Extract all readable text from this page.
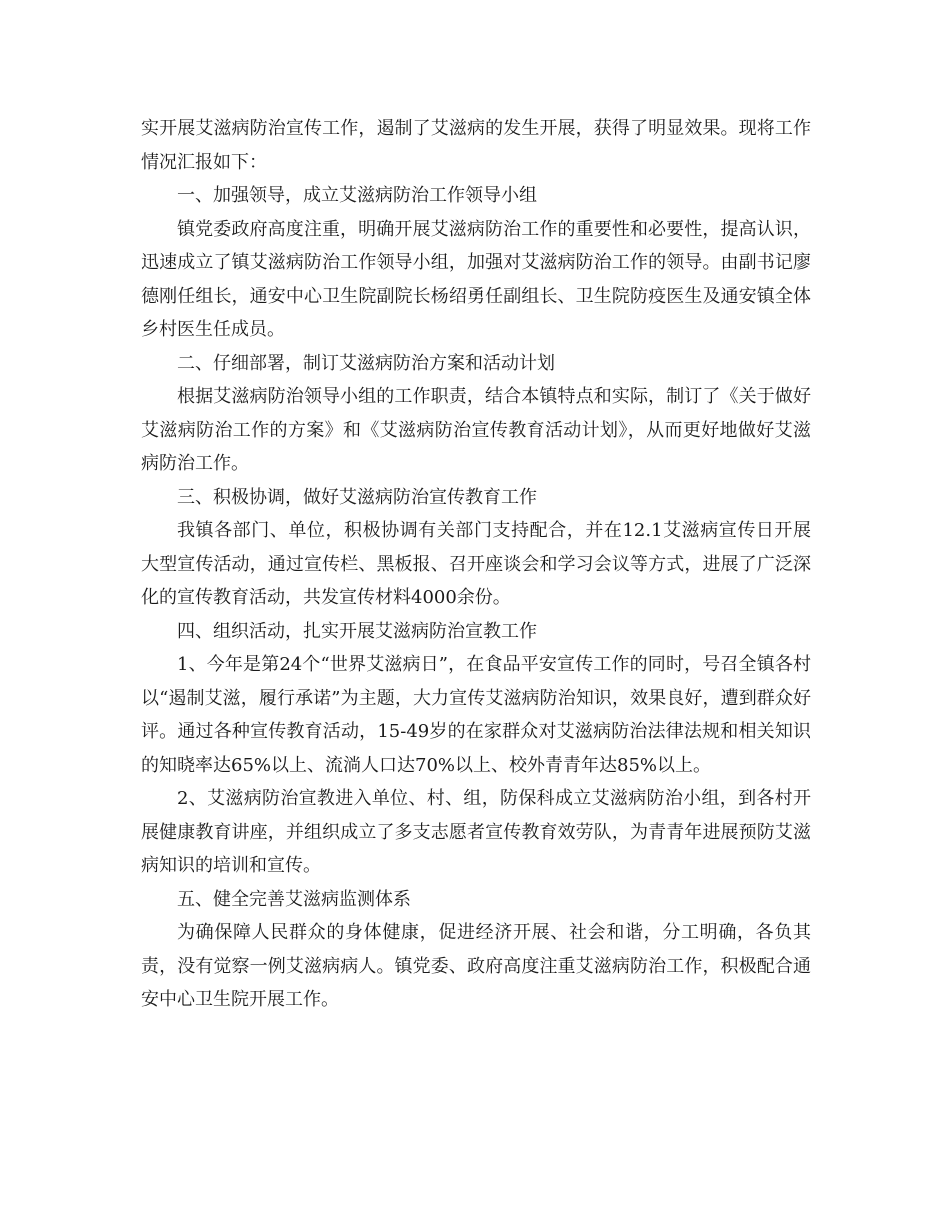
实开展艾滋病防治宣传工作，遏制了艾滋病的发生开展，获得了明显效果。现将工作情况汇报如下：

一、加强领导，成立艾滋病防治工作领导小组

镇党委政府高度注重，明确开展艾滋病防治工作的重要性和必要性，提高认识，迅速成立了镇艾滋病防治工作领导小组，加强对艾滋病防治工作的领导。由副书记廖德刚任组长，通安中心卫生院副院长杨绍勇任副组长、卫生院防疫医生及通安镇全体乡村医生任成员。

二、仔细部署，制订艾滋病防治方案和活动计划

根据艾滋病防治领导小组的工作职责，结合本镇特点和实际，制订了《关于做好艾滋病防治工作的方案》和《艾滋病防治宣传教育活动计划》，从而更好地做好艾滋病防治工作。

三、积极协调，做好艾滋病防治宣传教育工作

我镇各部门、单位，积极协调有关部门支持配合，并在12.1艾滋病宣传日开展大型宣传活动，通过宣传栏、黑板报、召开座谈会和学习会议等方式，进展了广泛深化的宣传教育活动，共发宣传材料4000余份。

四、组织活动，扎实开展艾滋病防治宣教工作

1、今年是第24个“世界艾滋病日”，在食品平安宣传工作的同时，号召全镇各村以“遏制艾滋，履行承诺”为主题，大力宣传艾滋病防治知识，效果良好，遭到群众好评。通过各种宣传教育活动，15-49岁的在家群众对艾滋病防治法律法规和相关知识的知晓率达65%以上、流淌人口达70%以上、校外青青年达85%以上。

2、艾滋病防治宣教进入单位、村、组，防保科成立艾滋病防治小组，到各村开展健康教育讲座，并组织成立了多支志愿者宣传教育效劳队，为青青年进展预防艾滋病知识的培训和宣传。

五、健全完善艾滋病监测体系

为确保障人民群众的身体健康，促进经济开展、社会和谐，分工明确，各负其责，没有觉察一例艾滋病病人。镇党委、政府高度注重艾滋病防治工作，积极配合通安中心卫生院开展工作。
